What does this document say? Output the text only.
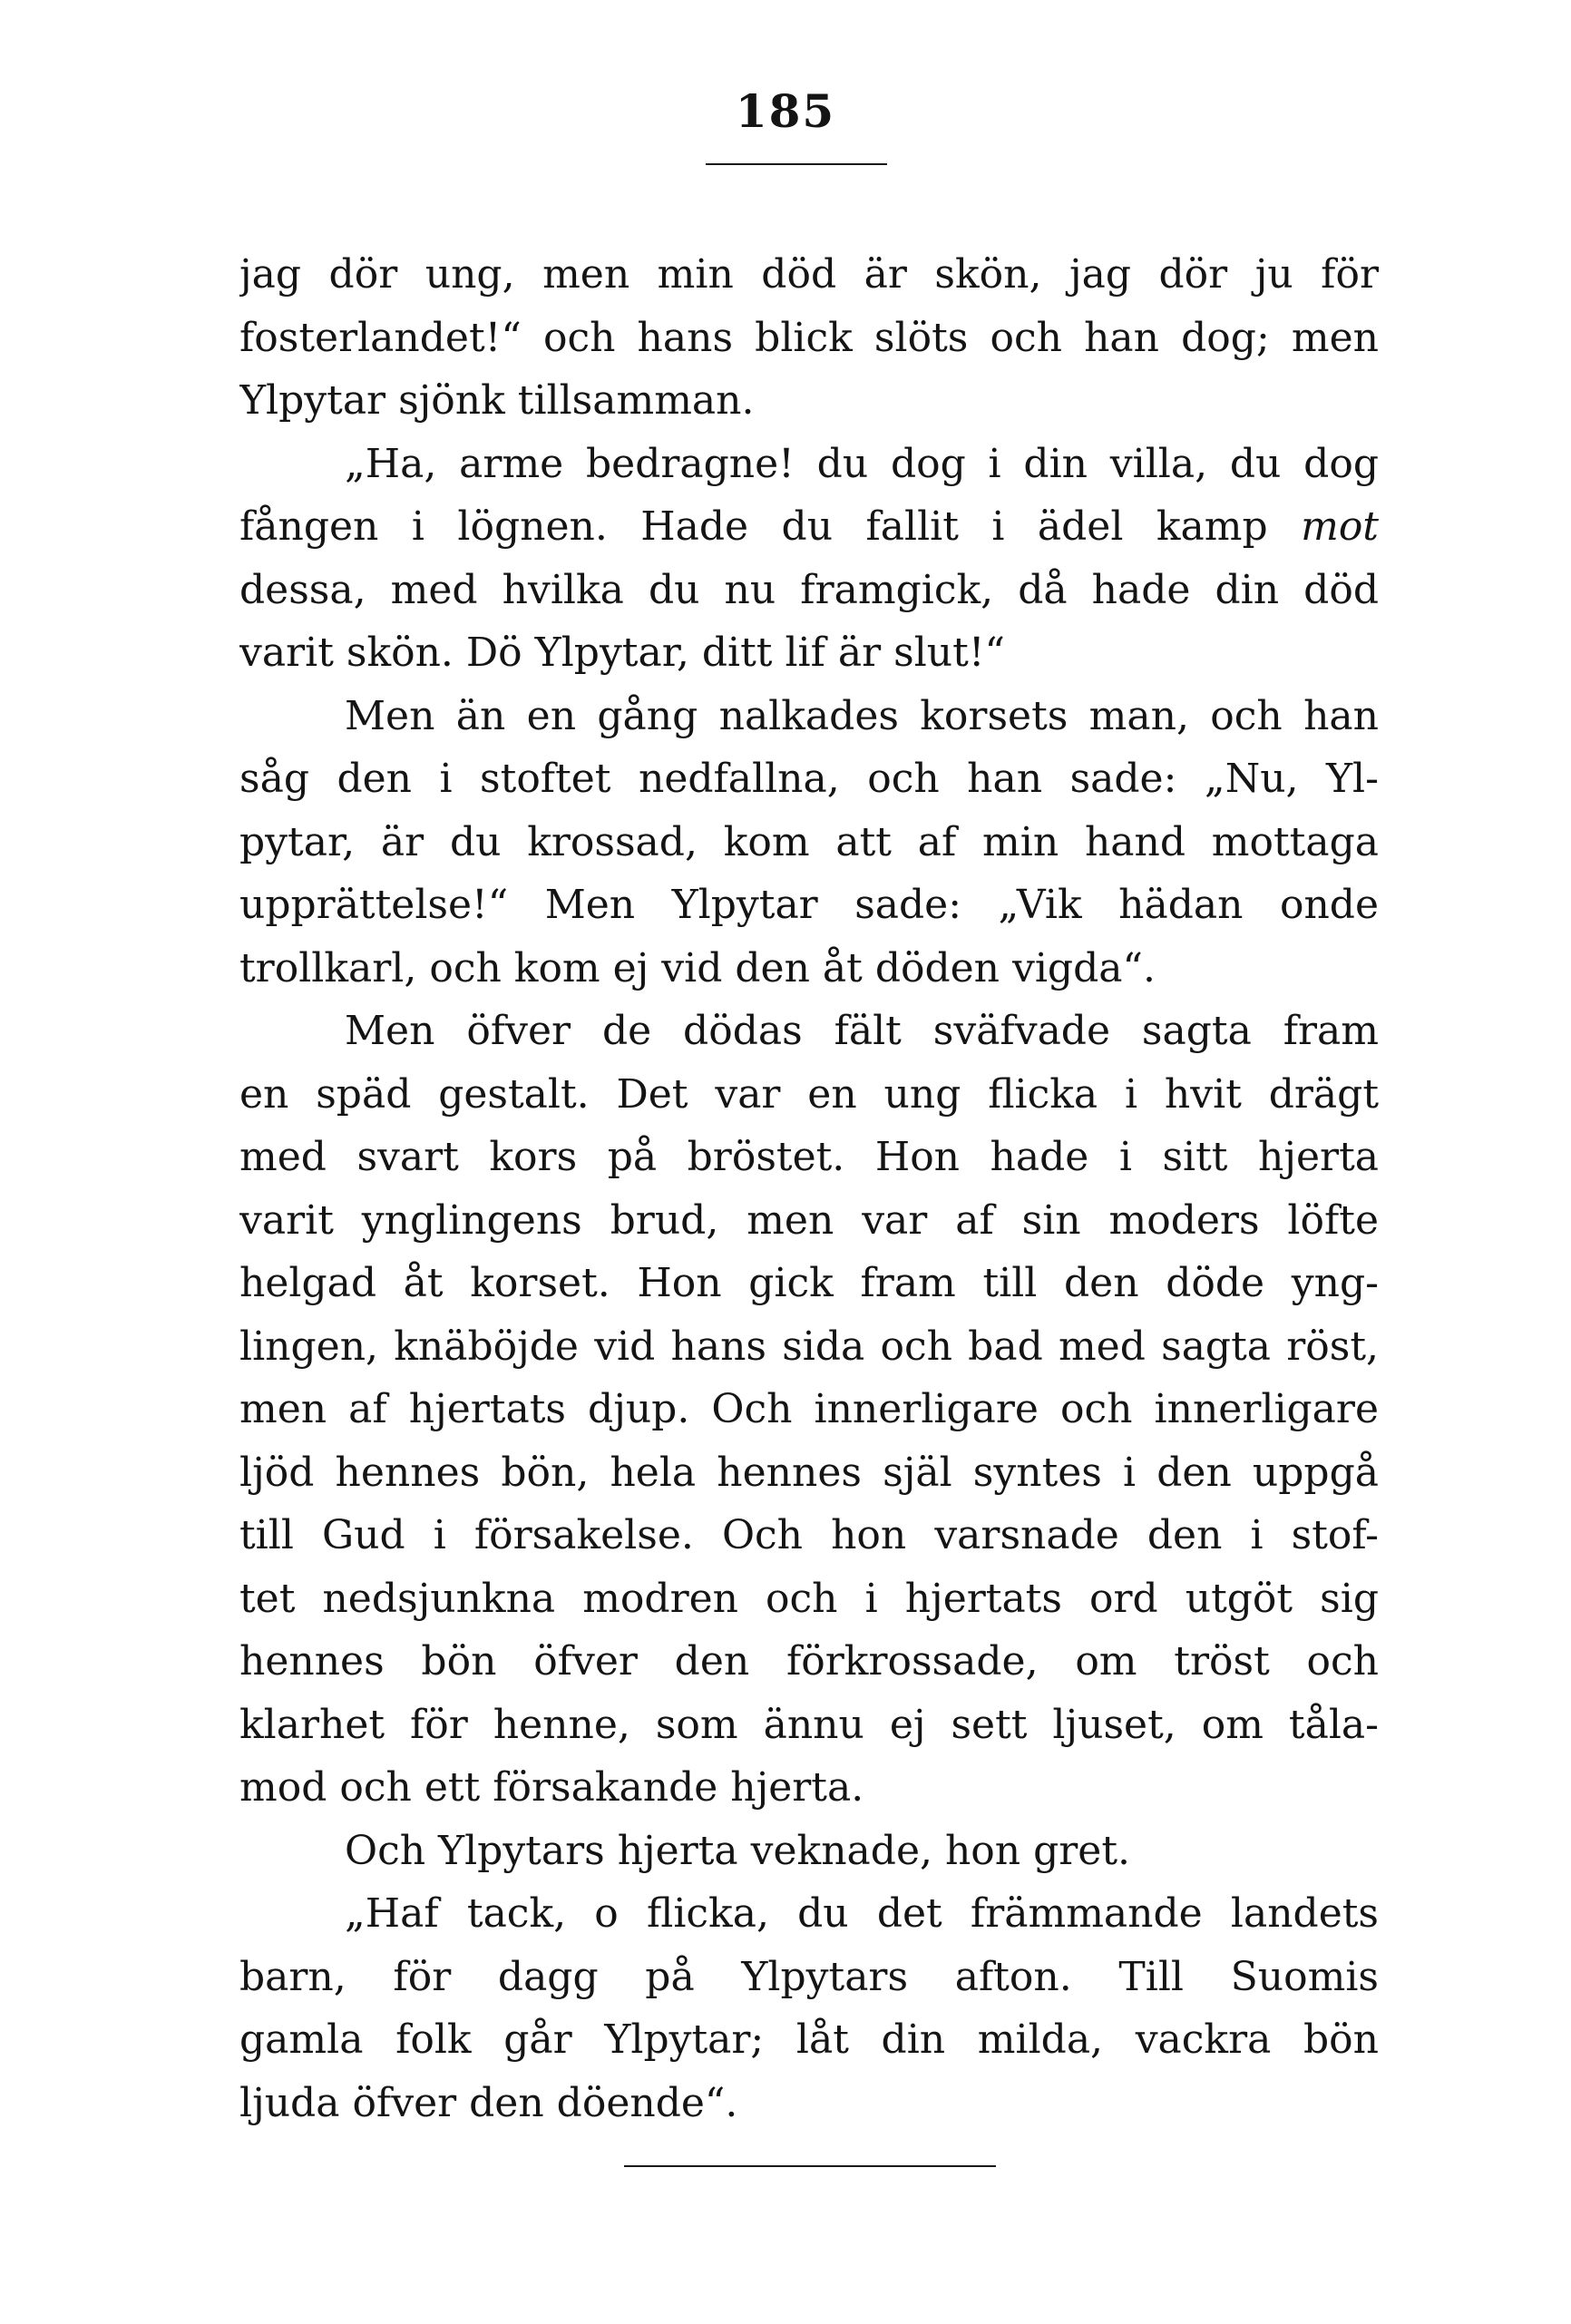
185
jag dör ung, men min död är skön, jag dör ju för
fosterlandet!“ och hans blick slöts och han dog; men
Ylpytar sjönk tillsamman.
„Ha, arme bedragne! du dog i din villa, du dog
fången i lögnen. Hade du fallit i ädel kamp mot
dessa, med hvilka du nu framgick, då hade din död
varit skön. Dö Ylpytar, ditt lif är slut!“
Men än en gång nalkades korsets man, och han
såg den i stoftet nedfallna, och han sade: „Nu, Yl-
pytar, är du krossad, kom att af min hand mottaga
upprättelse!“ Men Ylpytar sade: „Vik hädan onde
trollkarl, och kom ej vid den åt döden vigda“.
Men öfver de dödas fält sväfvade sagta fram
en späd gestalt. Det var en ung flicka i hvit drägt
med svart kors på bröstet. Hon hade i sitt hjerta
varit ynglingens brud, men var af sin moders löfte
helgad åt korset. Hon gick fram till den döde yng-
lingen, knäböjde vid hans sida och bad med sagta röst,
men af hjertats djup. Och innerligare och innerligare
ljöd hennes bön, hela hennes själ syntes i den uppgå
till Gud i försakelse. Och hon varsnade den i stof-
tet nedsjunkna modren och i hjertats ord utgöt sig
hennes bön öfver den förkrossade, om tröst och
klarhet för henne, som ännu ej sett ljuset, om tåla-
mod och ett försakande hjerta.
Och Ylpytars hjerta veknade, hon gret.
„Haf tack, o flicka, du det främmande landets
barn, för dagg på Ylpytars afton. Till Suomis
gamla folk går Ylpytar; låt din milda, vackra bön
ljuda öfver den döende“.
